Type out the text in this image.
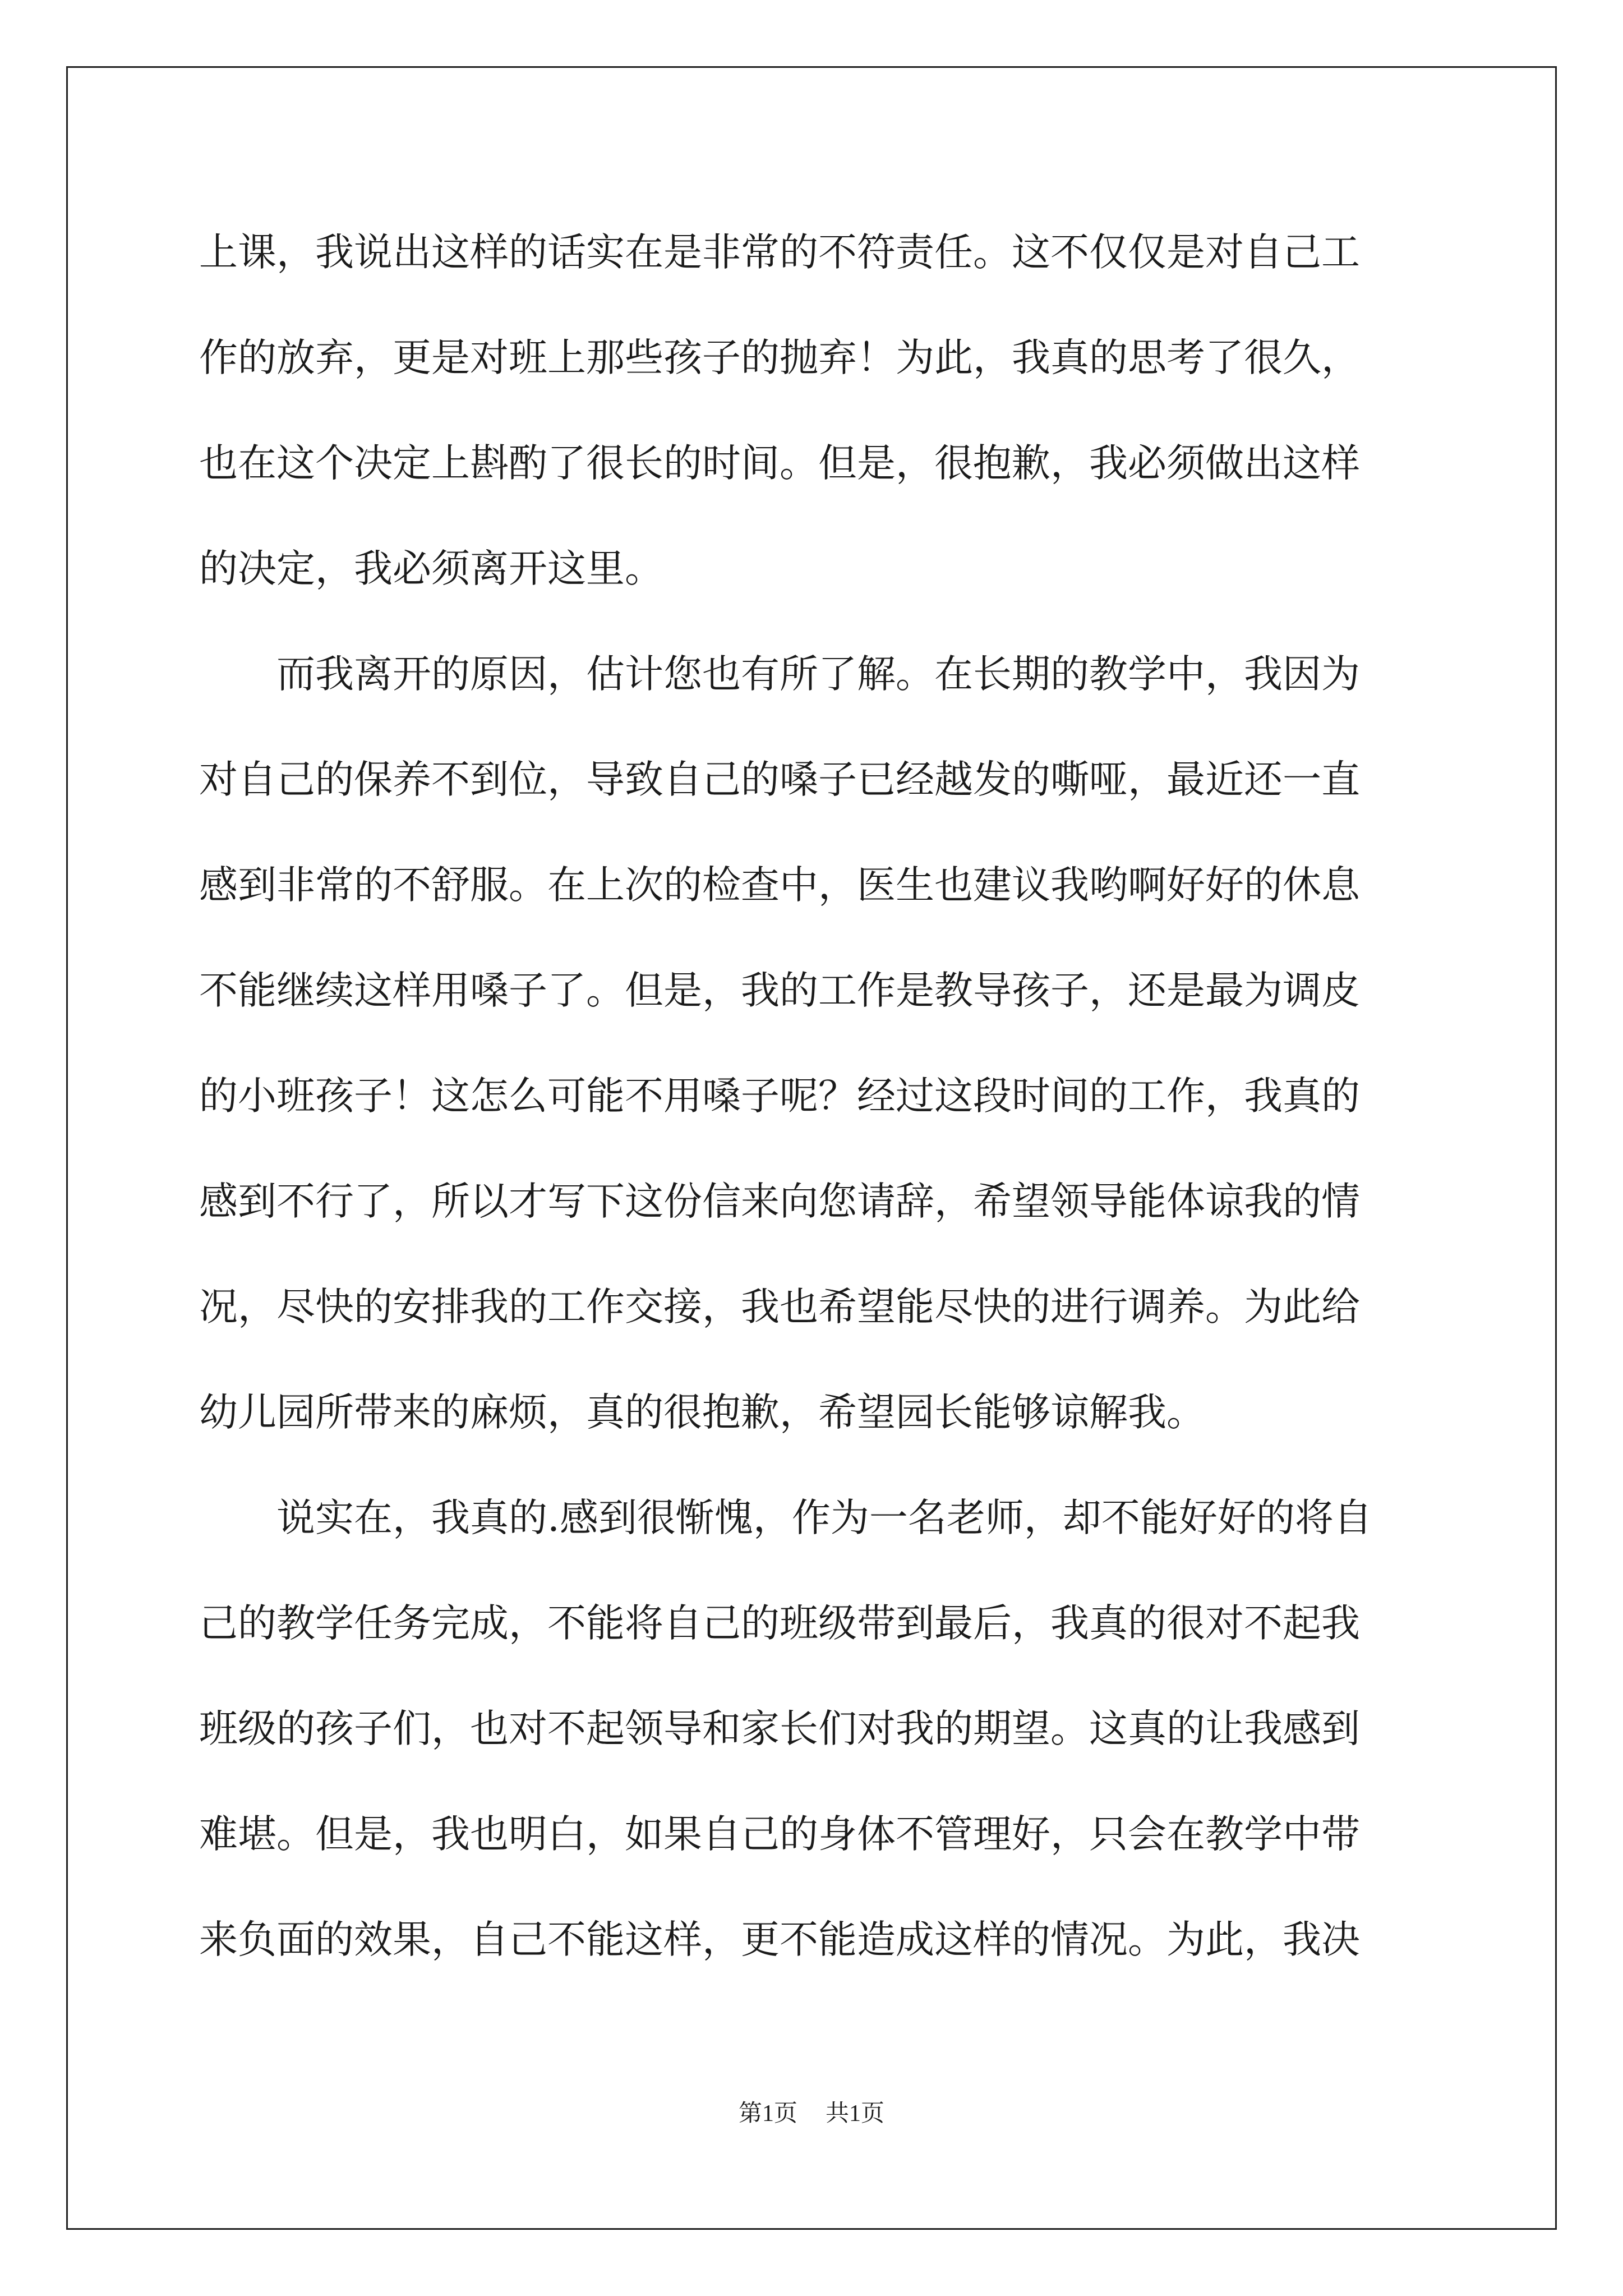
上课，我说出这样的话实在是非常的不符责任。这不仅仅是对自己工
作的放弃，更是对班上那些孩子的抛弃！为此，我真的思考了很久，
也在这个决定上斟酌了很长的时间。但是，很抱歉，我必须做出这样
的决定，我必须离开这里。
　　而我离开的原因，估计您也有所了解。在长期的教学中，我因为
对自己的保养不到位，导致自己的嗓子已经越发的嘶哑，最近还一直
感到非常的不舒服。在上次的检查中，医生也建议我哟啊好好的休息
不能继续这样用嗓子了。但是，我的工作是教导孩子，还是最为调皮
的小班孩子！这怎么可能不用嗓子呢？经过这段时间的工作，我真的
感到不行了，所以才写下这份信来向您请辞，希望领导能体谅我的情
况，尽快的安排我的工作交接，我也希望能尽快的进行调养。为此给
幼儿园所带来的麻烦，真的很抱歉，希望园长能够谅解我。
　　说实在，我真的.感到很惭愧，作为一名老师，却不能好好的将自
己的教学任务完成，不能将自己的班级带到最后，我真的很对不起我
班级的孩子们，也对不起领导和家长们对我的期望。这真的让我感到
难堪。但是，我也明白，如果自己的身体不管理好，只会在教学中带
来负面的效果，自己不能这样，更不能造成这样的情况。为此，我决
第1页 共1页
